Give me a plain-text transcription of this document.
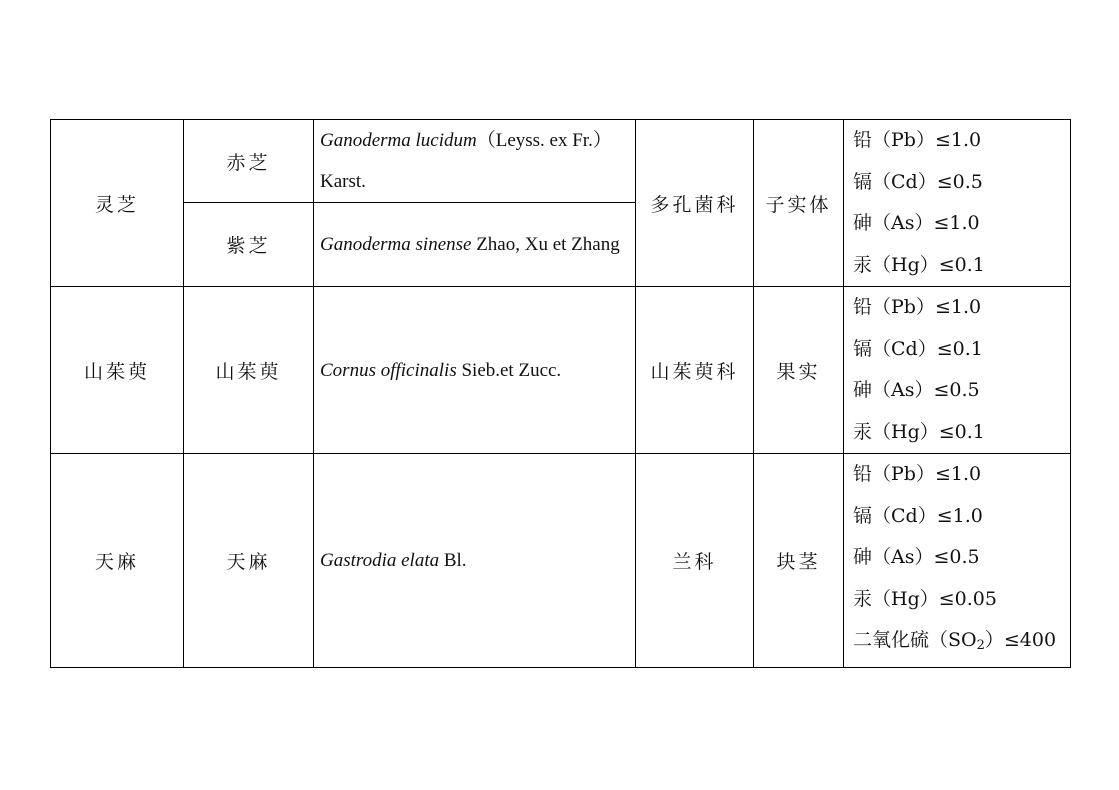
灵芝	赤芝	Ganoderma lucidum（Leyss. ex Fr.）Karst.	多孔菌科	子实体	铅（Pb）≤1.0
镉（Cd）≤0.5
砷（As）≤1.0
汞（Hg）≤0.1

	紫芝	Ganoderma sinense Zhao, Xu et Zhang			
山茱萸	山茱萸	Cornus officinalis Sieb.et Zucc.	山茱萸科	果实	铅（Pb）≤1.0
镉（Cd）≤0.1
砷（As）≤0.5
汞（Hg）≤0.1

天麻	天麻	Gastrodia elata Bl.	兰科	块茎	铅（Pb）≤1.0
镉（Cd）≤1.0
砷（As）≤0.5
汞（Hg）≤0.05
二氧化硫$(SO_2)\le 400$
